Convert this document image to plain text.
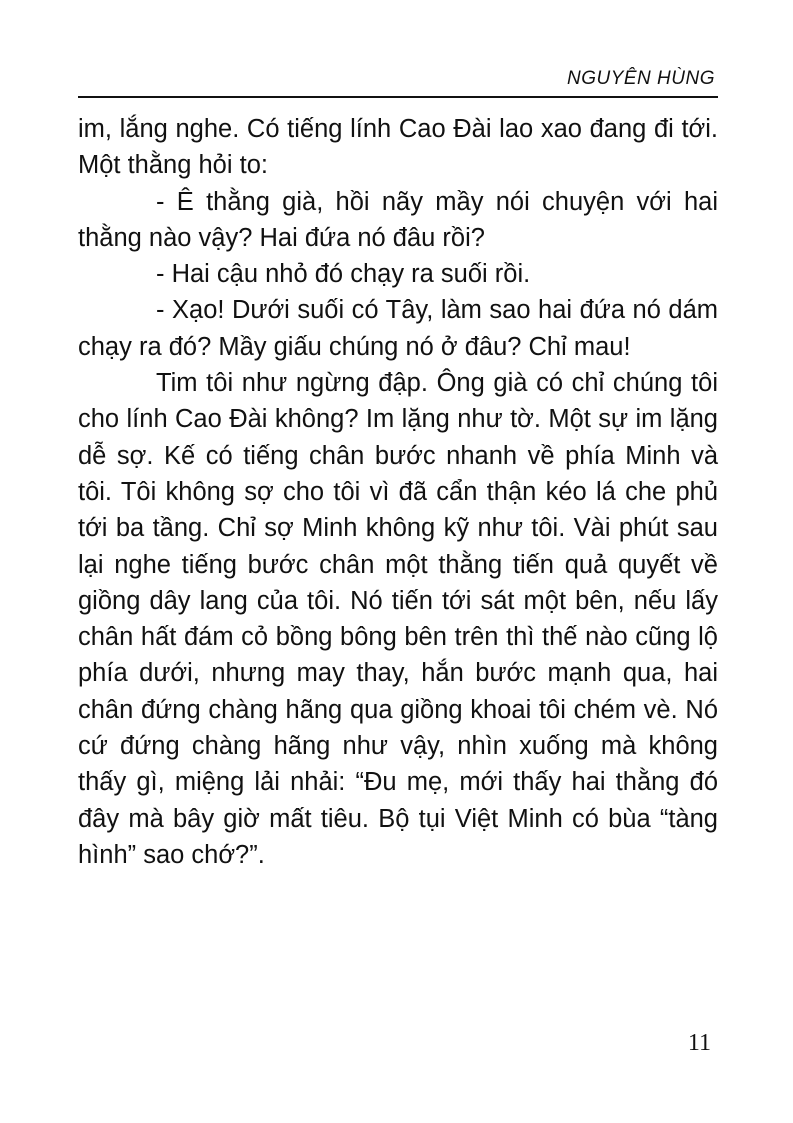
NGUYÊN HÙNG

im, lắng nghe. Có tiếng lính Cao Đài lao xao đang đi tới. Một thằng hỏi to:

- Ê thằng già, hồi nãy mầy nói chuyện với hai thằng nào vậy? Hai đứa nó đâu rồi?

- Hai cậu nhỏ đó chạy ra suối rồi.

- Xạo! Dưới suối có Tây, làm sao hai đứa nó dám chạy ra đó? Mầy giấu chúng nó ở đâu? Chỉ mau!

Tim tôi như ngừng đập. Ông già có chỉ chúng tôi cho lính Cao Đài không? Im lặng như tờ. Một sự im lặng dễ sợ. Kế có tiếng chân bước nhanh về phía Minh và tôi. Tôi không sợ cho tôi vì đã cẩn thận kéo lá che phủ tới ba tầng. Chỉ sợ Minh không kỹ như tôi. Vài phút sau lại nghe tiếng bước chân một thằng tiến quả quyết về giồng dây lang của tôi. Nó tiến tới sát một bên, nếu lấy chân hất đám cỏ bồng bông bên trên thì thế nào cũng lộ phía dưới, nhưng may thay, hắn bước mạnh qua, hai chân đứng chàng hãng qua giồng khoai tôi chém vè. Nó cứ đứng chàng hãng như vậy, nhìn xuống mà không thấy gì, miệng lải nhải: “Đu mẹ, mới thấy hai thằng đó đây mà bây giờ mất tiêu. Bộ tụi Việt Minh có bùa “tàng hình” sao chớ?”.

11
